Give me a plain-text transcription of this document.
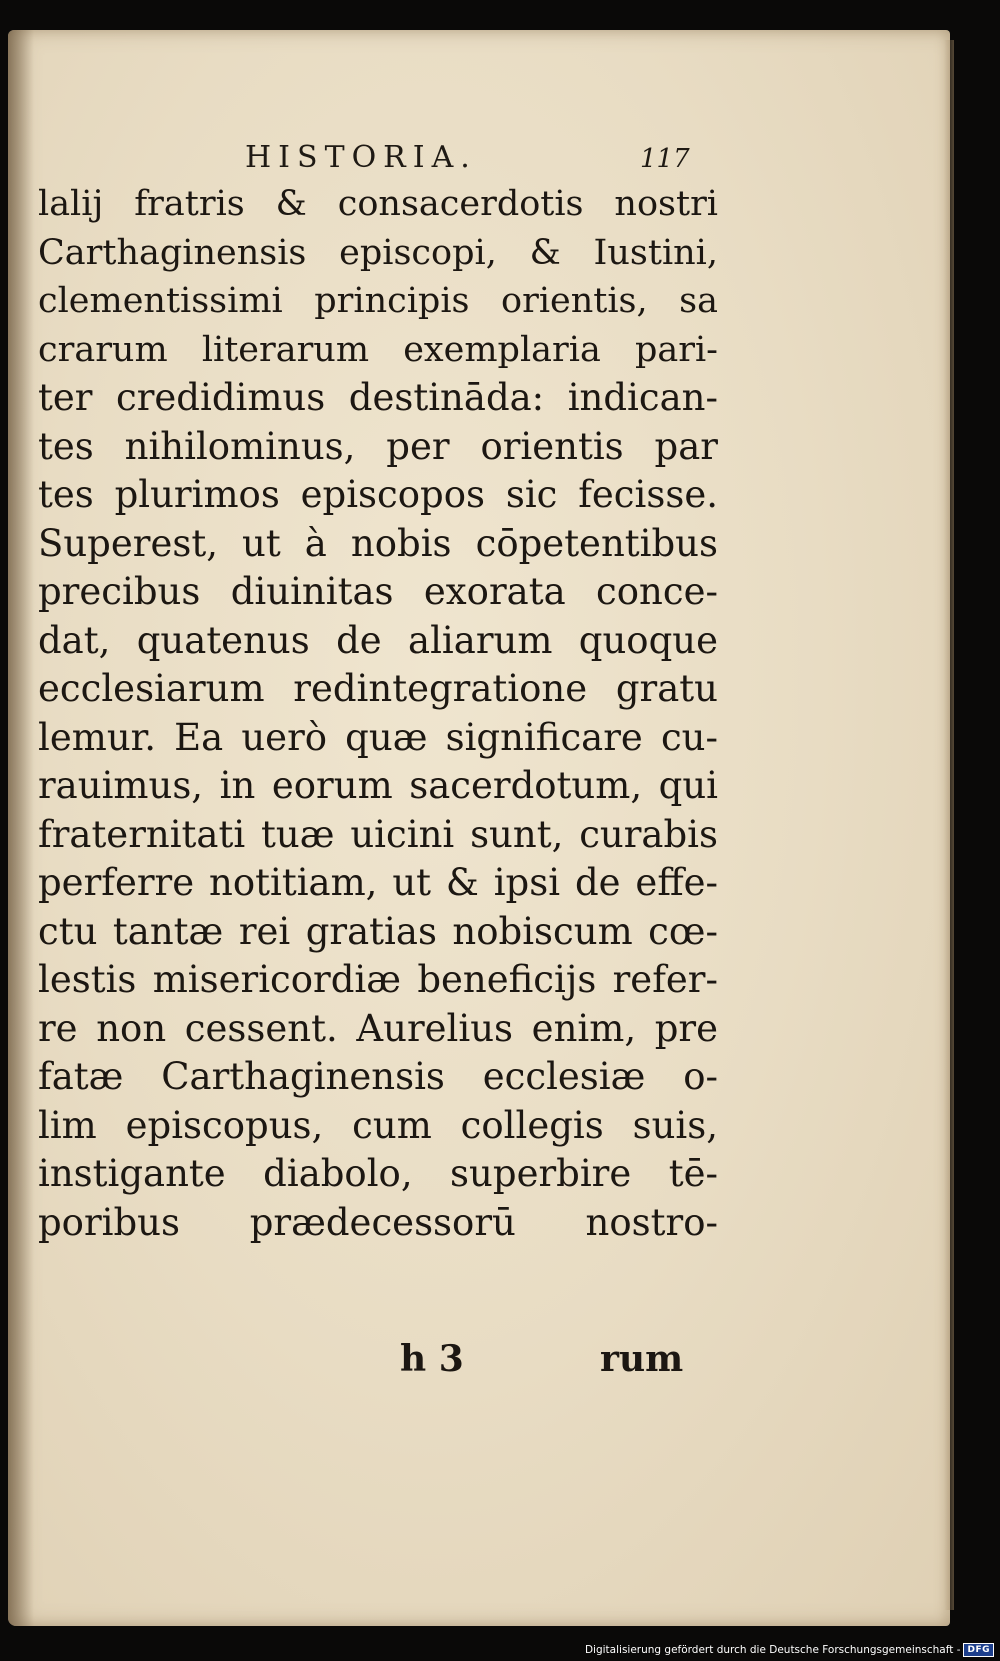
HISTORIA.	117
lalij fratris & consacerdotis nostri
Carthaginensis episcopi, & Iustini,
clementissimi principis orientis, sa
crarum literarum exemplaria pari-
ter credidimus destināda: indican-
tes nihilominus, per orientis par
tes plurimos episcopos sic fecisse.
Superest, ut à nobis cōpetentibus
precibus diuinitas exorata conce-
dat, quatenus de aliarum quoque
ecclesiarum redintegratione gratu
lemur. Ea uerò quæ significare cu-
rauimus, in eorum sacerdotum, qui
fraternitati tuæ uicini sunt, curabis
perferre notitiam, ut & ipsi de effe-
ctu tantæ rei gratias nobiscum cœ-
lestis misericordiæ beneficijs refer-
re non cessent. Aurelius enim, pre
fatæ Carthaginensis ecclesiæ o-
lim episcopus, cum collegis suis,
instigante diabolo, superbire tē-
poribus prædecessorū nostro-
h 3	rum
Digitalisierung gefördert durch die Deutsche Forschungsgemeinschaft - DFG
